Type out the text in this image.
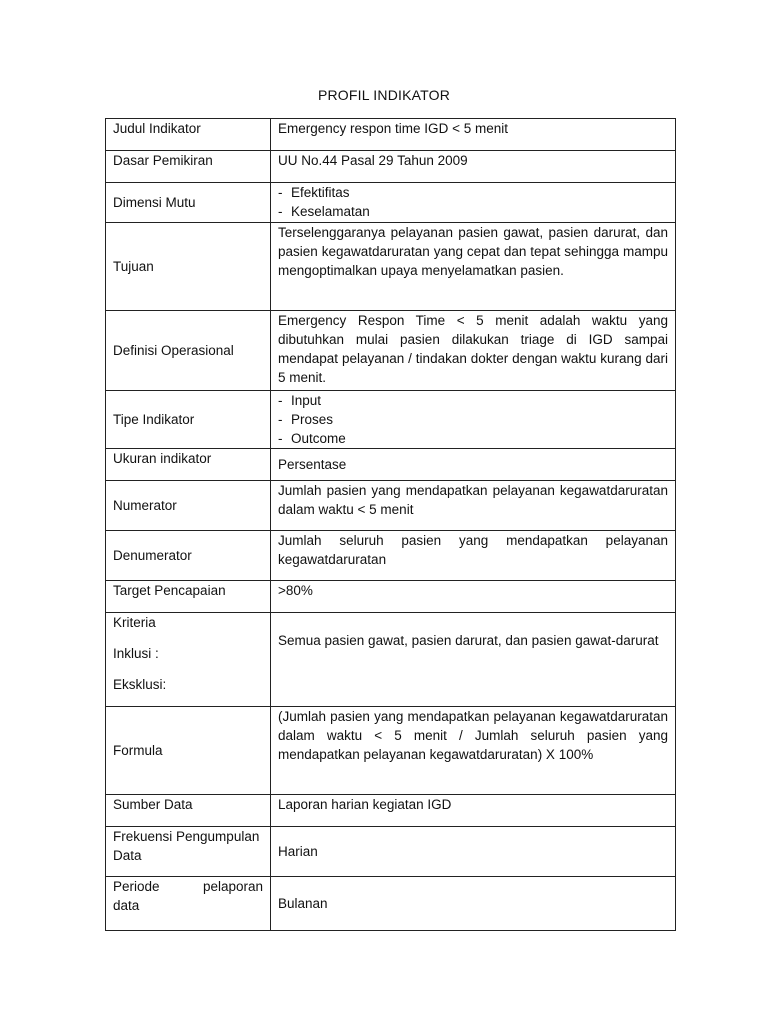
PROFIL INDIKATOR
Judul Indikator	Emergency respon time IGD < 5 menit
Dasar Pemikiran	UU No.44 Pasal 29 Tahun 2009
Dimensi Mutu	- Efektifitas
- Keselamatan

Tujuan	Terselenggaranya pelayanan pasien gawat, pasien darurat, dan pasien kegawatdaruratan yang cepat dan tepat sehingga mampu mengoptimalkan upaya menyelamatkan pasien.
Definisi Operasional	Emergency Respon Time < 5 menit adalah waktu yang dibutuhkan mulai pasien dilakukan triage di IGD sampai mendapat pelayanan / tindakan dokter dengan waktu kurang dari 5 menit.
Tipe Indikator	- Input
- Proses
- Outcome

Ukuran indikator	Persentase
Numerator	Jumlah pasien yang mendapatkan pelayanan kegawatdaruratan dalam waktu < 5 menit
Denumerator	Jumlah seluruh pasien yang mendapatkan pelayanan kegawatdaruratan
Target Pencapaian	>80%

Kriteria
Inklusi :
Eksklusi:	Semua pasien gawat, pasien darurat, dan pasien gawat-darurat
Formula	(Jumlah pasien yang mendapatkan pelayanan kegawatdaruratan dalam waktu < 5 menit / Jumlah seluruh pasien yang mendapatkan pelayanan kegawatdaruratan) X 100%
Sumber Data	Laporan harian kegiatan IGD
Frekuensi Pengumpulan Data	Harian

Periode pelaporan
data	Bulanan
